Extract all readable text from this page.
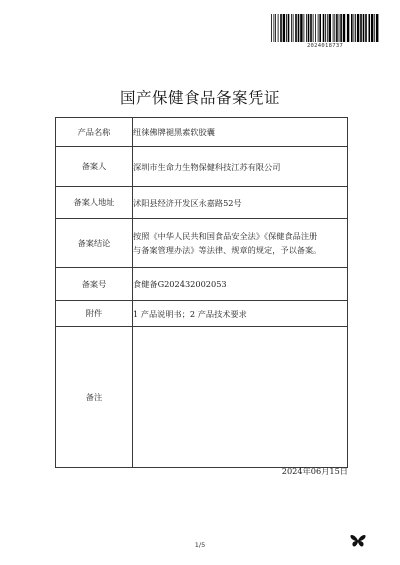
2024018737
国产保健食品备案凭证
产品名称	纽徕佛牌褪黑素软胶囊
备案人	深圳市生命力生物保健科技江苏有限公司
备案人地址	沭阳县经济开发区永嘉路52号
备案结论	按照《中华人民共和国食品安全法》《保健食品注册
与备案管理办法》等法律、规章的规定，予以备案。

备案号	食健备G202432002053
附件	1 产品说明书；2 产品技术要求
备注	
2024年06月15日
1/5
